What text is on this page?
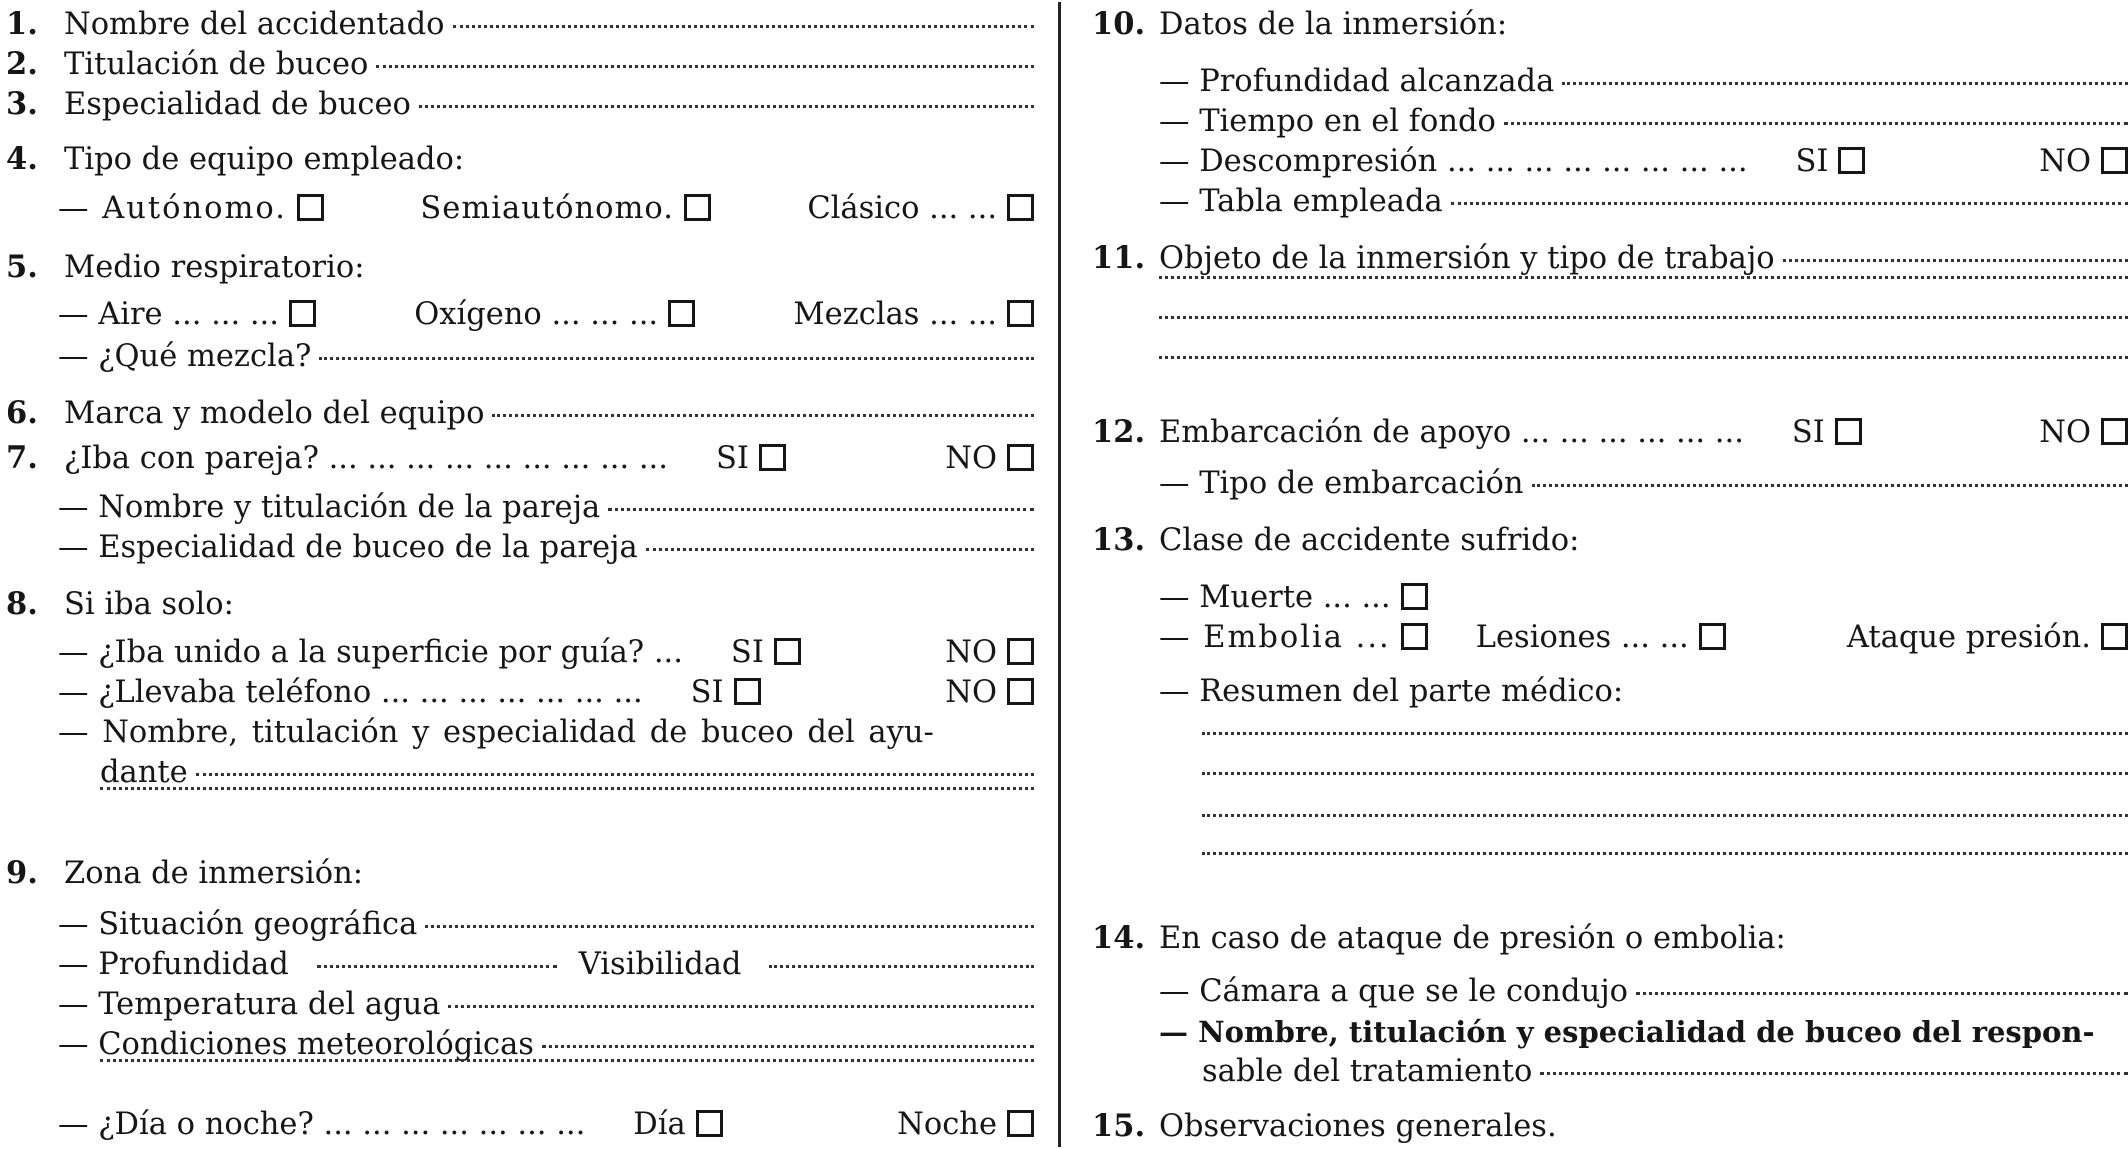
1. Nombre del accidentado
2. Titulación de buceo
3. Especialidad de buceo
4. Tipo de equipo empleado:
— Autónomo.	Semiautónomo.	Clásico ... ...
5. Medio respiratorio:
— Aire ... ... ...	Oxígeno ... ... ...	Mezclas ... ...
— ¿Qué mezcla?
6. Marca y modelo del equipo
7. ¿Iba con pareja? ... ... ... ... ... ... ... ... ... SI	NO
— Nombre y titulación de la pareja
— Especialidad de buceo de la pareja
8. Si iba solo:
— ¿Iba unido a la superficie por guía? ... SI	NO
— ¿Llevaba teléfono ... ... ... ... ... ... ... SI	NO
— Nombre, titulación y especialidad de buceo del ayu-
dante
9. Zona de inmersión:
— Situación geográfica
— Profundidad	Visibilidad
— Temperatura del agua
— Condiciones meteorológicas
— ¿Día o noche? ... ... ... ... ... ... ... Día	Noche
10. Datos de la inmersión:
— Profundidad alcanzada
— Tiempo en el fondo
— Descompresión ... ... ... ... ... ... ... ... SI	NO
— Tabla empleada
11. Objeto de la inmersión y tipo de trabajo
12. Embarcación de apoyo ... ... ... ... ... ... SI	NO
— Tipo de embarcación
13. Clase de accidente sufrido:
— Muerte ... ...
— Embolia ...	Lesiones ... ...	Ataque presión.
— Resumen del parte médico:
14. En caso de ataque de presión o embolia:
— Cámara a que se le condujo
— Nombre, titulación y especialidad de buceo del respon-
sable del tratamiento
15. Observaciones generales.
